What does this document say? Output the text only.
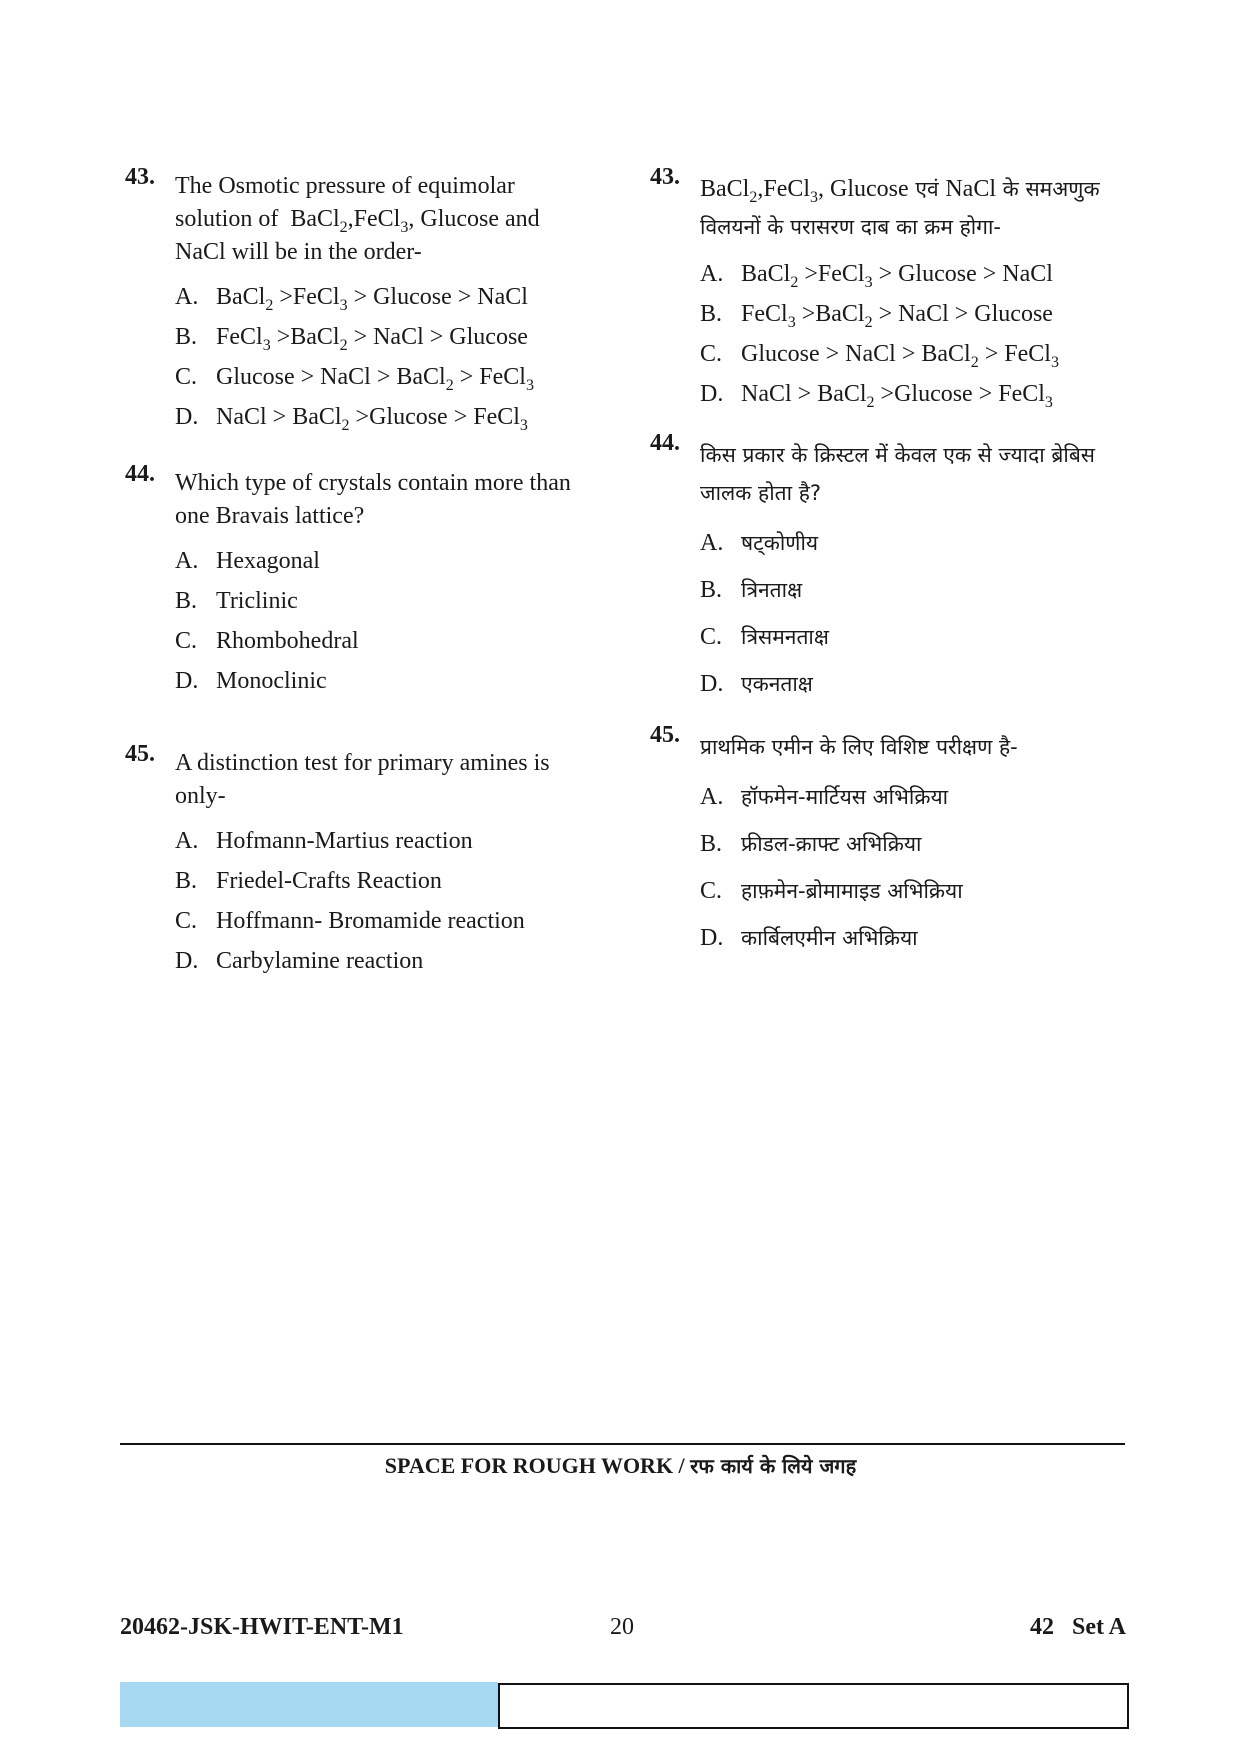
43. The Osmotic pressure of equimolar solution of  BaCl$_2$,FeCl$_3$, Glucose and NaCl will be in the order-
A. BaCl$_2$ >FeCl$_3$ > Glucose > NaCl
B. FeCl$_3$ >BaCl$_2$ > NaCl > Glucose
C. Glucose > NaCl > BaCl$_2$ > FeCl$_3$
D. NaCl > BaCl$_2$ >Glucose > FeCl$_3$
44. Which type of crystals contain more than one Bravais lattice?
A. Hexagonal
B. Triclinic
C. Rhombohedral
D. Monoclinic
45. A distinction test for primary amines is only-
A. Hofmann-Martius reaction
B. Friedel-Crafts Reaction
C. Hoffmann- Bromamide reaction
D. Carbylamine reaction
43. BaCl$_2$,FeCl$_3$, Glucose एवं NaCl के समअणुक विलयनों के परासरण दाब का क्रम होगा-
A. BaCl$_2$ >FeCl$_3$ > Glucose > NaCl
B. FeCl$_3$ >BaCl$_2$ > NaCl > Glucose
C. Glucose > NaCl > BaCl$_2$ > FeCl$_3$
D. NaCl > BaCl$_2$ >Glucose > FeCl$_3$
44. किस प्रकार के क्रिस्टल में केवल एक से ज्यादा ब्रेबिस जालक होता है?
A. षट्कोणीय
B. त्रिनताक्ष
C. त्रिसमनताक्ष
D. एकनताक्ष
45. प्राथमिक एमीन के लिए विशिष्ट परीक्षण है-
A. हॉफमेन-मार्टियस अभिक्रिया
B. फ्रीडल-क्राफ्ट अभिक्रिया
C. हाफ़मेन-ब्रोमामाइड अभिक्रिया
D. कार्बिलएमीन अभिक्रिया
SPACE FOR ROUGH WORK / रफ कार्य के लिये जगह
20462-JSK-HWIT-ENT-M1	20	42   Set A
